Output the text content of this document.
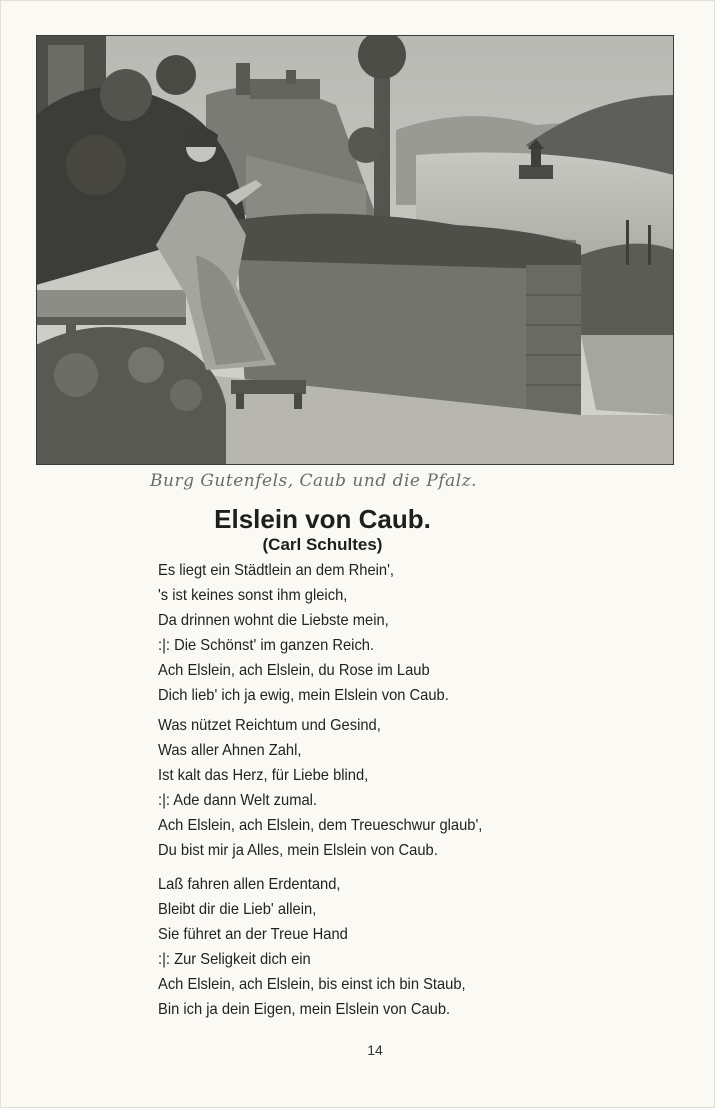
Burg Gutenfels, Caub und die Pfalz.
Elslein von Caub.
(Carl Schultes)
Es liegt ein Städtlein an dem Rhein',
's ist keines sonst ihm gleich,
Da drinnen wohnt die Liebste mein,
:|: Die Schönst' im ganzen Reich.
Ach Elslein, ach Elslein, du Rose im Laub
Dich lieb' ich ja ewig, mein Elslein von Caub.
Was nützet Reichtum und Gesind,
Was aller Ahnen Zahl,
Ist kalt das Herz, für Liebe blind,
:|: Ade dann Welt zumal.
Ach Elslein, ach Elslein, dem Treueschwur glaub',
Du bist mir ja Alles, mein Elslein von Caub.
Laß fahren allen Erdentand,
Bleibt dir die Lieb' allein,
Sie führet an der Treue Hand
:|: Zur Seligkeit dich ein
Ach Elslein, ach Elslein, bis einst ich bin Staub,
Bin ich ja dein Eigen, mein Elslein von Caub.
14
